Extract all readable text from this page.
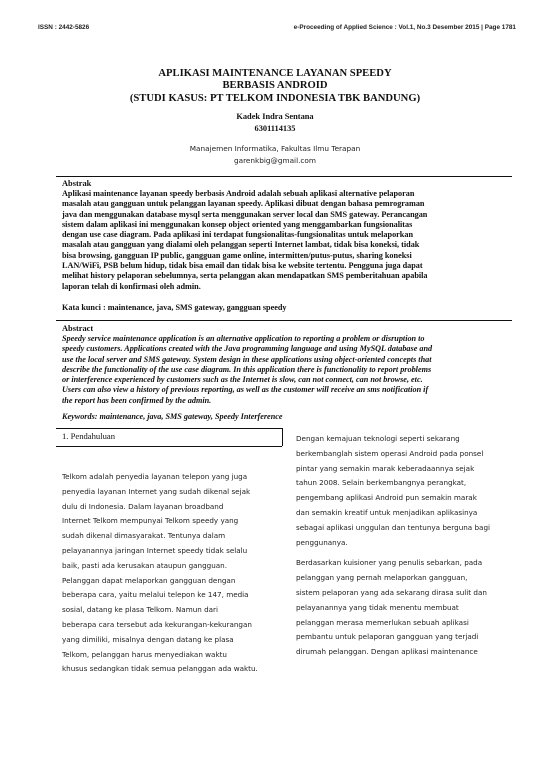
ISSN : 2442-5826	e-Proceeding of Applied Science : Vol.1, No.3 Desember 2015 | Page 1781
APLIKASI MAINTENANCE LAYANAN SPEEDY
BERBASIS ANDROID
(STUDI KASUS: PT TELKOM INDONESIA TBK BANDUNG)
Kadek Indra Sentana
6301114135
Manajemen Informatika, Fakultas Ilmu Terapan
garenkbig@gmail.com
Abstrak
Aplikasi maintenance layanan speedy berbasis Android adalah sebuah aplikasi alternative pelaporan
masalah atau gangguan untuk pelanggan layanan speedy. Aplikasi dibuat dengan bahasa pemrograman
java dan menggunakan database mysql serta menggunakan server local dan SMS gateway. Perancangan
sistem dalam aplikasi ini menggunakan konsep object oriented yang menggambarkan fungsionalitas
dengan use case diagram. Pada aplikasi ini terdapat fungsionalitas-fungsionalitas untuk melaporkan
masalah atau gangguan yang dialami oleh pelanggan seperti Internet lambat, tidak bisa koneksi, tidak
bisa browsing, gangguan IP public, gangguan game online, intermitten/putus-putus, sharing koneksi
LAN/WiFi, PSB belum hidup, tidak bisa email dan tidak bisa ke website tertentu. Pengguna juga dapat
melihat history pelaporan sebelumnya, serta pelanggan akan mendapatkan SMS pemberitahuan apabila
laporan telah di konfirmasi oleh admin.
Kata kunci : maintenance, java, SMS gateway, gangguan speedy
Abstract
Speedy service maintenance application is an alternative application to reporting a problem or disruption to
speedy customers. Applications created with the Java programming language and using MySQL database and
use the local server and SMS gateway. System design in these applications using object-oriented concepts that
describe the functionality of the use case diagram. In this application there is functionality to report problems
or interference experienced by customers such as the Internet is slow, can not connect, can not browse, etc.
Users can also view a history of previous reporting, as well as the customer will receive an sms notification if
the report has been confirmed by the admin.
Keywords: maintenance, java, SMS gateway, Speedy Interference
1. Pendahuluan
Telkom adalah penyedia layanan telepon yang juga
penyedia layanan Internet yang sudah dikenal sejak
dulu di Indonesia. Dalam layanan broadband
Internet Telkom mempunyai Telkom speedy yang
sudah dikenal dimasyarakat. Tentunya dalam
pelayanannya jaringan Internet speedy tidak selalu
baik, pasti ada kerusakan ataupun gangguan.
Pelanggan dapat melaporkan gangguan dengan
beberapa cara, yaitu melalui telepon ke 147, media
sosial, datang ke plasa Telkom. Namun dari
beberapa cara tersebut ada kekurangan-kekurangan
yang dimiliki, misalnya dengan datang ke plasa
Telkom, pelanggan harus menyediakan waktu
khusus sedangkan tidak semua pelanggan ada waktu.
Dengan kemajuan teknologi seperti sekarang
berkembanglah sistem operasi Android pada ponsel
pintar yang semakin marak keberadaannya sejak
tahun 2008. Selain berkembangnya perangkat,
pengembang aplikasi Android pun semakin marak
dan semakin kreatif untuk menjadikan aplikasinya
sebagai aplikasi unggulan dan tentunya berguna bagi
penggunanya.
Berdasarkan kuisioner yang penulis sebarkan, pada
pelanggan yang pernah melaporkan gangguan,
sistem pelaporan yang ada sekarang dirasa sulit dan
pelayanannya yang tidak menentu membuat
pelanggan merasa memerlukan sebuah aplikasi
pembantu untuk pelaporan gangguan yang terjadi
dirumah pelanggan. Dengan aplikasi maintenance
